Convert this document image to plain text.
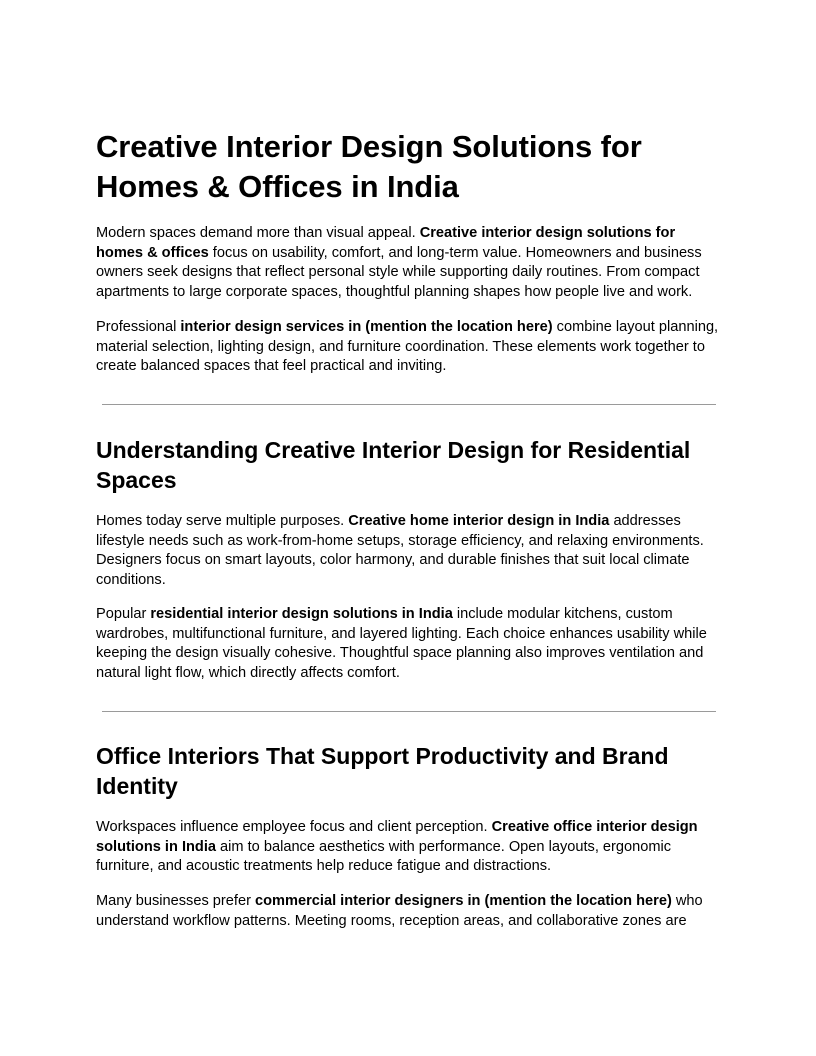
Creative Interior Design Solutions for Homes & Offices in India

Modern spaces demand more than visual appeal. Creative interior design solutions for homes & offices focus on usability, comfort, and long-term value. Homeowners and business owners seek designs that reflect personal style while supporting daily routines. From compact apartments to large corporate spaces, thoughtful planning shapes how people live and work.

Professional interior design services in (mention the location here) combine layout planning, material selection, lighting design, and furniture coordination. These elements work together to create balanced spaces that feel practical and inviting.

Understanding Creative Interior Design for Residential Spaces

Homes today serve multiple purposes. Creative home interior design in India addresses lifestyle needs such as work-from-home setups, storage efficiency, and relaxing environments. Designers focus on smart layouts, color harmony, and durable finishes that suit local climate conditions.

Popular residential interior design solutions in India include modular kitchens, custom wardrobes, multifunctional furniture, and layered lighting. Each choice enhances usability while keeping the design visually cohesive. Thoughtful space planning also improves ventilation and natural light flow, which directly affects comfort.

Office Interiors That Support Productivity and Brand Identity

Workspaces influence employee focus and client perception. Creative office interior design solutions in India aim to balance aesthetics with performance. Open layouts, ergonomic furniture, and acoustic treatments help reduce fatigue and distractions.

Many businesses prefer commercial interior designers in (mention the location here) who understand workflow patterns. Meeting rooms, reception areas, and collaborative zones are
